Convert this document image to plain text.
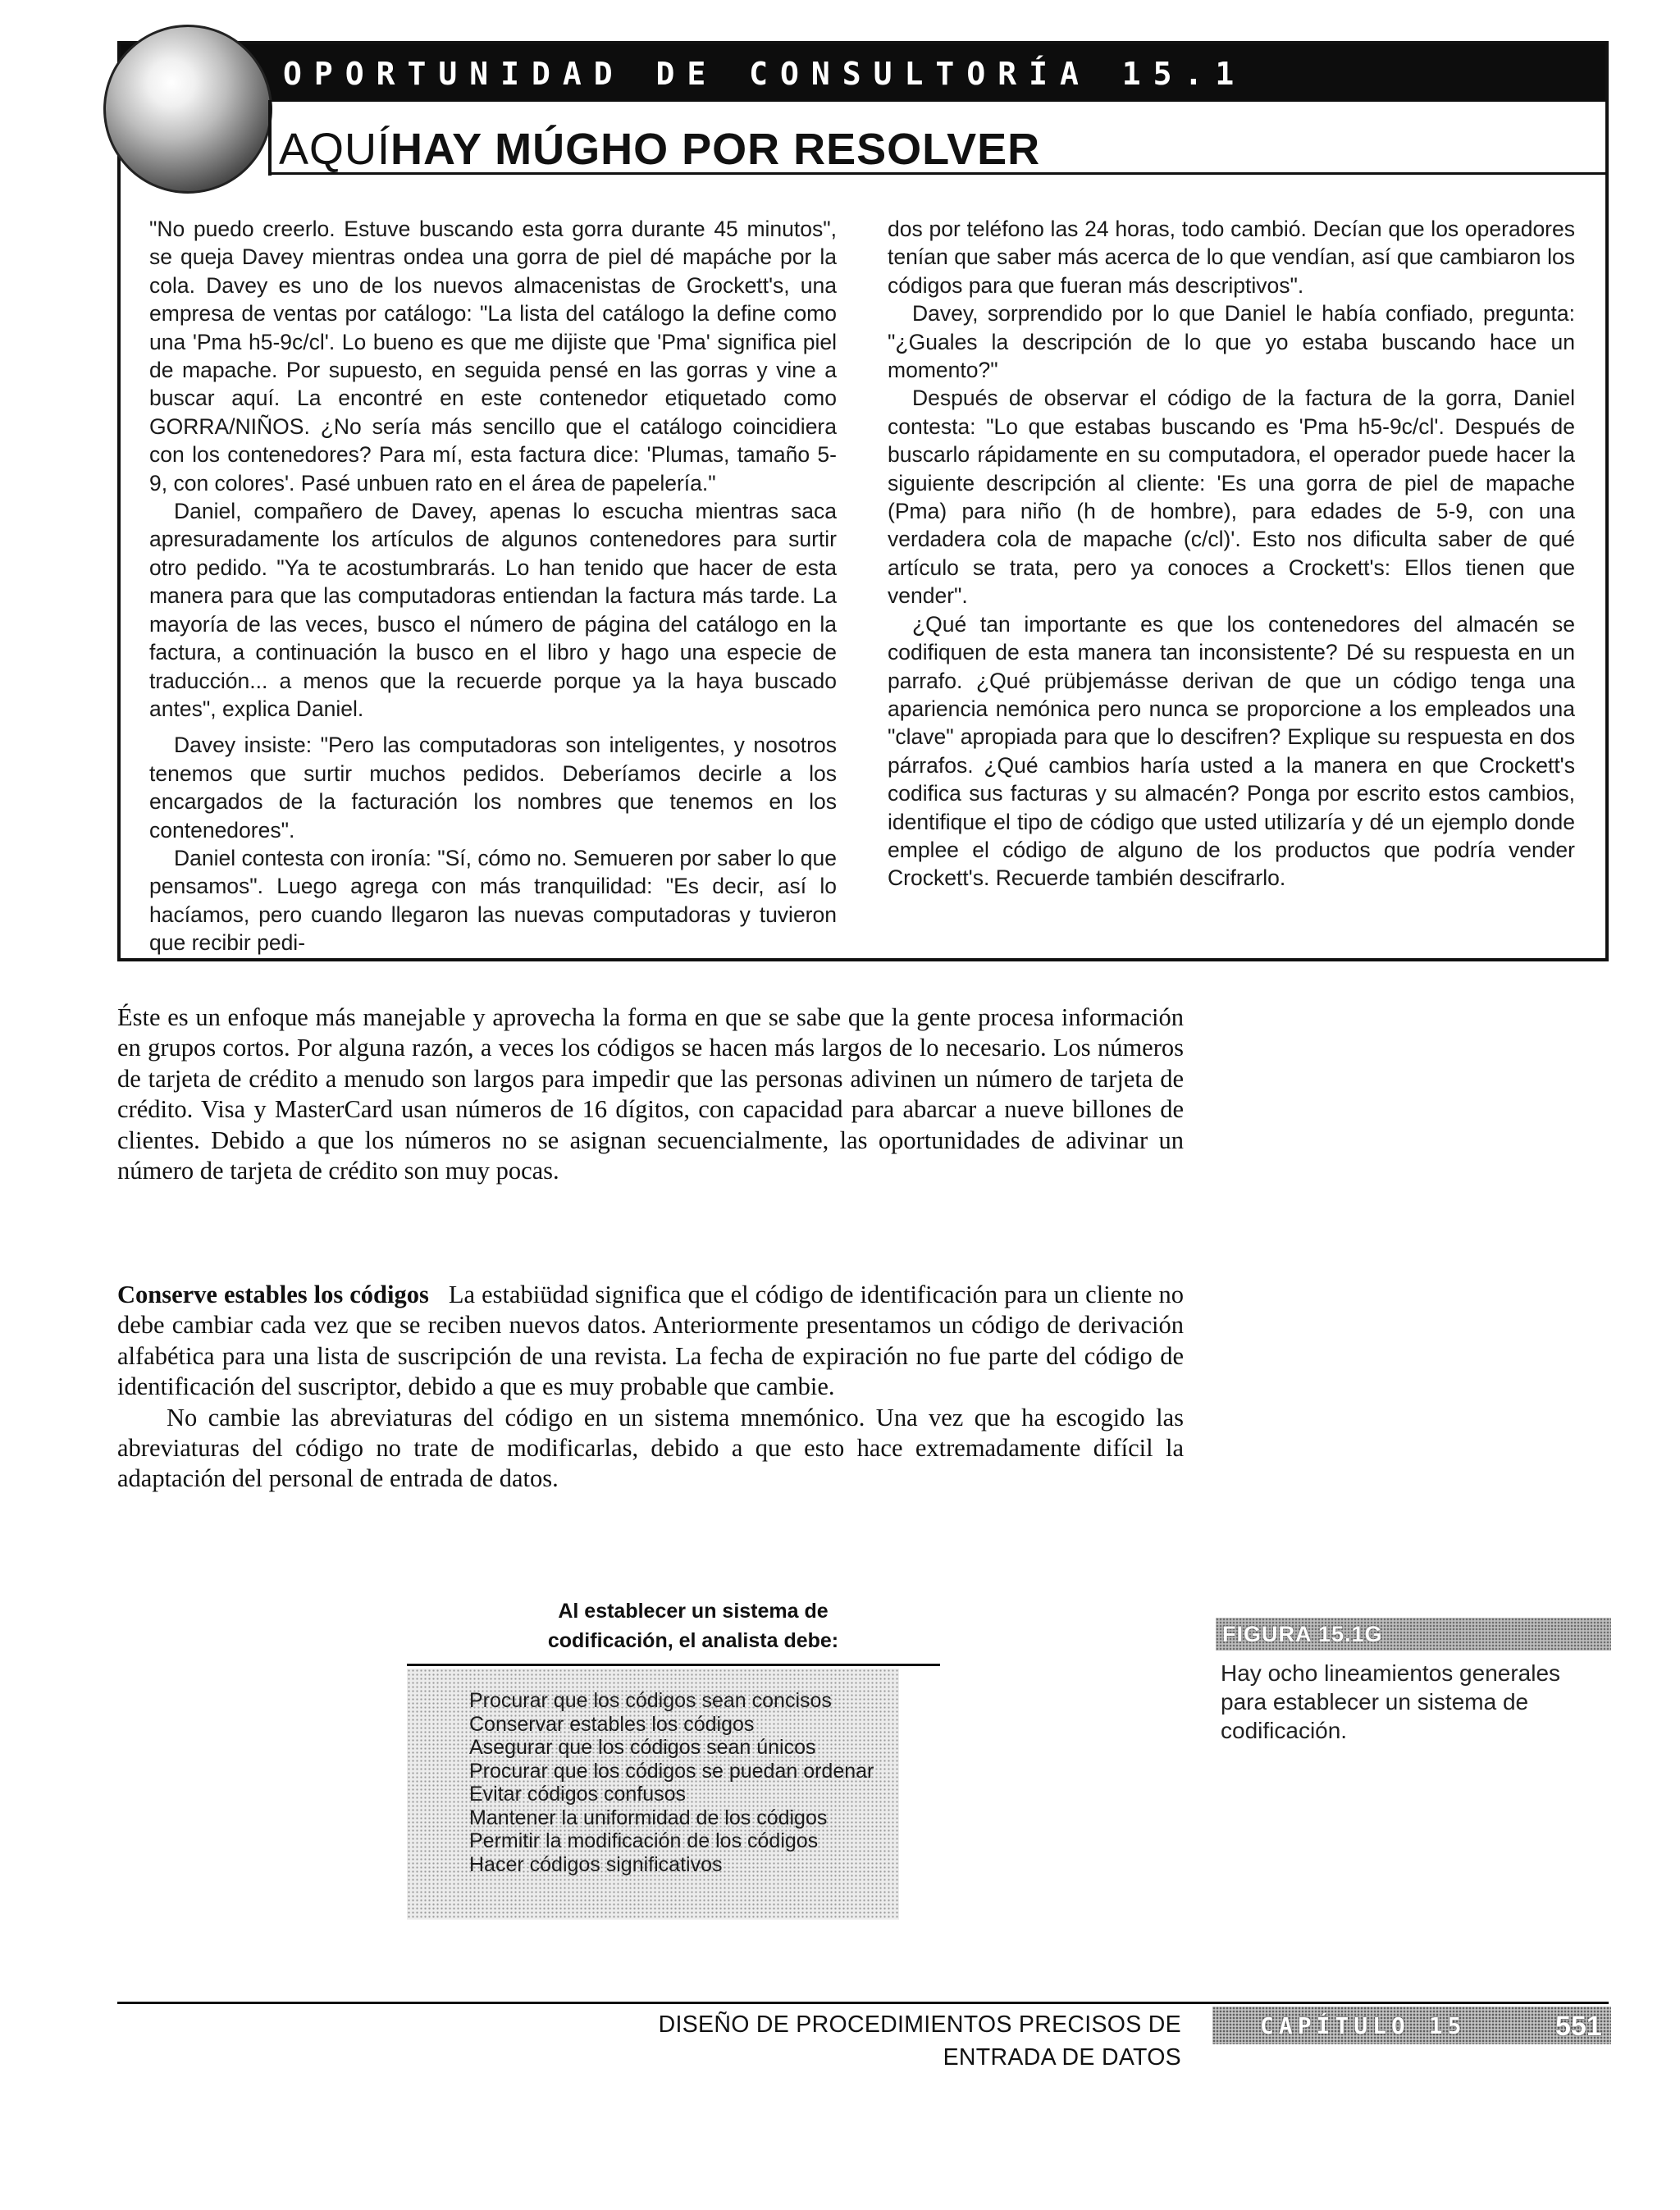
OPORTUNIDAD DE CONSULTORÍA 15.1
AQUÍHAY MÚGHO POR RESOLVER

"No puedo creerlo. Estuve buscando esta gorra durante 45 minutos", se queja Davey mientras ondea una gorra de piel dé mapáche por la cola. Davey es uno de los nuevos almacenistas de Grockett's, una empresa de ventas por catálogo: "La lista del catálogo la define como una 'Pma h5-9c/cl'. Lo bueno es que me dijiste que 'Pma' significa piel de mapache. Por supuesto, en seguida pensé en las gorras y vine a buscar aquí. La encontré en este contenedor etiquetado como GORRA/NIÑOS. ¿No sería más sencillo que el catálogo coincidiera con los contenedores? Para mí, esta factura dice: 'Plumas, tamaño 5-9, con colores'. Pasé unbuen rato en el área de papelería."

Daniel, compañero de Davey, apenas lo escucha mientras saca apresuradamente los artículos de algunos contenedores para surtir otro pedido. "Ya te acostumbrarás. Lo han tenido que hacer de esta manera para que las computadoras entiendan la factura más tarde. La mayoría de las veces, busco el número de página del catálogo en la factura, a continuación la busco en el libro y hago una especie de traducción... a menos que la recuerde porque ya la haya buscado antes", explica Daniel.

Davey insiste: "Pero las computadoras son inteligentes, y nosotros tenemos que surtir muchos pedidos. Deberíamos decirle a los encargados de la facturación los nombres que tenemos en los contenedores".

Daniel contesta con ironía: "Sí, cómo no. Semueren por saber lo que pensamos". Luego agrega con más tranquilidad: "Es decir, así lo hacíamos, pero cuando llegaron las nuevas computadoras y tuvieron que recibir pedi-

dos por teléfono las 24 horas, todo cambió. Decían que los operadores tenían que saber más acerca de lo que vendían, así que cambiaron los códigos para que fueran más descriptivos".

Davey, sorprendido por lo que Daniel le había confiado, pregunta: "¿Guales la descripción de lo que yo estaba buscando hace un momento?"

Después de observar el código de la factura de la gorra, Daniel contesta: "Lo que estabas buscando es 'Pma h5-9c/cl'. Después de buscarlo rápidamente en su computadora, el operador puede hacer la siguiente descripción al cliente: 'Es una gorra de piel de mapache (Pma) para niño (h de hombre), para edades de 5-9, con una verdadera cola de mapache (c/cl)'. Esto nos dificulta saber de qué artículo se trata, pero ya conoces a Crockett's: Ellos tienen que vender".

¿Qué tan importante es que los contenedores del almacén se codifiquen de esta manera tan inconsistente? Dé su respuesta en un parrafo. ¿Qué prübjemásse derivan de que un código tenga una apariencia nemónica pero nunca se proporcione a los empleados una "clave" apropiada para que lo descifren? Explique su respuesta en dos párrafos. ¿Qué cambios haría usted a la manera en que Crockett's codifica sus facturas y su almacén? Ponga por escrito estos cambios, identifique el tipo de código que usted utilizaría y dé un ejemplo donde emplee el código de alguno de los productos que podría vender Crockett's. Recuerde también descifrarlo.

Éste es un enfoque más manejable y aprovecha la forma en que se sabe que la gente procesa información en grupos cortos. Por alguna razón, a veces los códigos se hacen más largos de lo necesario. Los números de tarjeta de crédito a menudo son largos para impedir que las personas adivinen un número de tarjeta de crédito. Visa y MasterCard usan números de 16 dígitos, con capacidad para abarcar a nueve billones de clientes. Debido a que los números no se asignan secuencialmente, las oportunidades de adivinar un número de tarjeta de crédito son muy pocas.

Conserve estables los códigos La estabiüdad significa que el código de identificación para un cliente no debe cambiar cada vez que se reciben nuevos datos. Anteriormente presentamos un código de derivación alfabética para una lista de suscripción de una revista. La fecha de expiración no fue parte del código de identificación del suscriptor, debido a que es muy probable que cambie.

No cambie las abreviaturas del código en un sistema mnemónico. Una vez que ha escogido las abreviaturas del código no trate de modificarlas, debido a que esto hace extremadamente difícil la adaptación del personal de entrada de datos.

Al establecer un sistema de
codificación, el analista debe:
Procurar que los códigos sean concisos
Conservar estables los códigos
Asegurar que los códigos sean únicos
Procurar que los códigos se puedan ordenar
Evitar códigos confusos
Mantener la uniformidad de los códigos
Permitir la modificación de los códigos
Hacer códigos significativos
FIGURA 15.1G
Hay ocho lineamientos generales para establecer un sistema de codificación.
DISEÑO DE PROCEDIMIENTOS PRECISOS DE ENTRADA DE DATOS
CAPÍTULO 15	551
